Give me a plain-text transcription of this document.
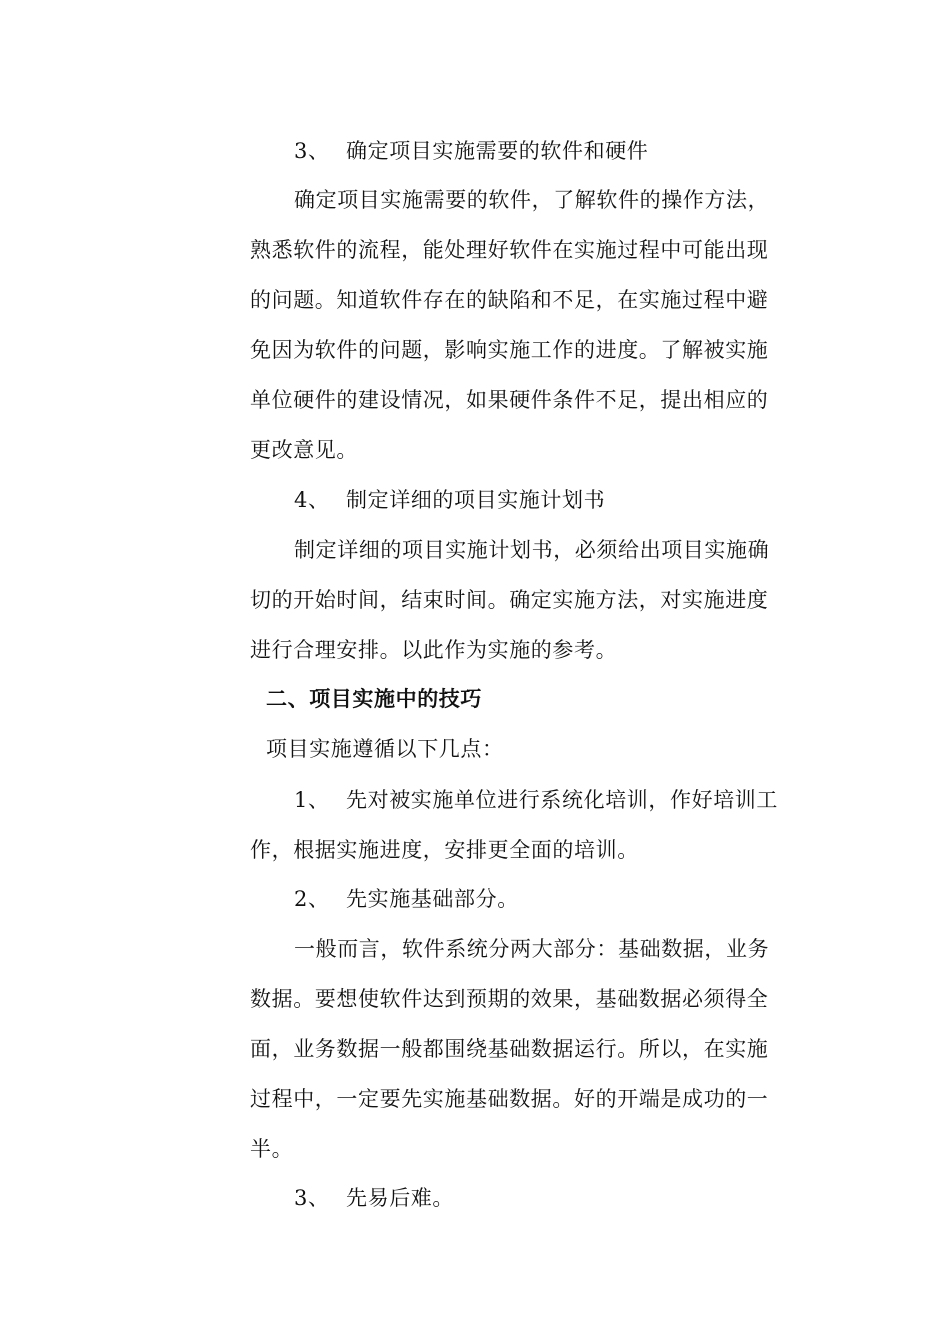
3、 确定项目实施需要的软件和硬件
确定项目实施需要的软件，了解软件的操作方法，
熟悉软件的流程，能处理好软件在实施过程中可能出现
的问题。知道软件存在的缺陷和不足，在实施过程中避
免因为软件的问题，影响实施工作的进度。了解被实施
单位硬件的建设情况，如果硬件条件不足，提出相应的
更改意见。
4、 制定详细的项目实施计划书
制定详细的项目实施计划书，必须给出项目实施确
切的开始时间，结束时间。确定实施方法，对实施进度
进行合理安排。以此作为实施的参考。
二、项目实施中的技巧
项目实施遵循以下几点：
1、 先对被实施单位进行系统化培训，作好培训工
作，根据实施进度，安排更全面的培训。
2、 先实施基础部分。
一般而言，软件系统分两大部分：基础数据，业务
数据。要想使软件达到预期的效果，基础数据必须得全
面，业务数据一般都围绕基础数据运行。所以，在实施
过程中，一定要先实施基础数据。好的开端是成功的一
半。
3、 先易后难。
